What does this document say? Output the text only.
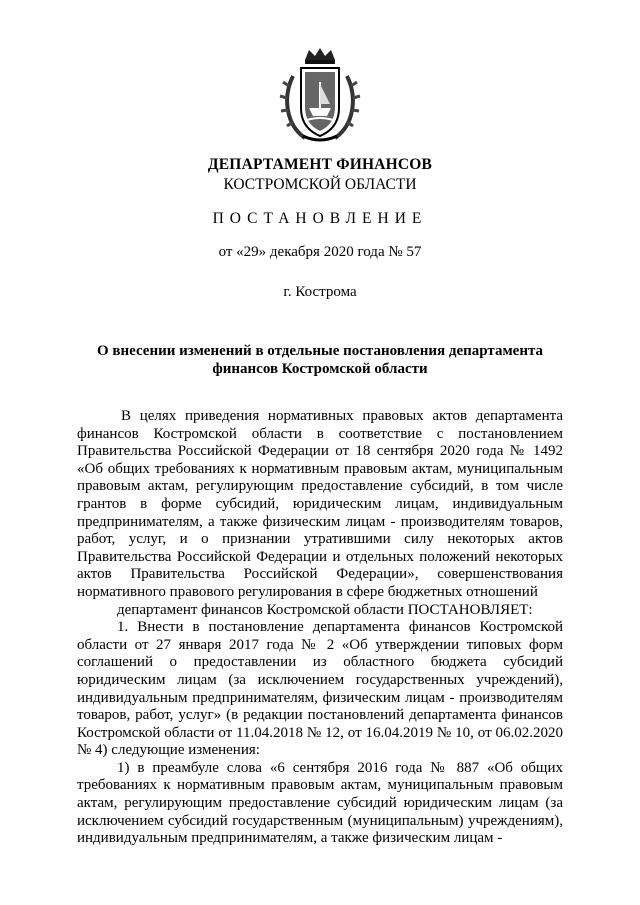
ДЕПАРТАМЕНТ ФИНАНСОВ
КОСТРОМСКОЙ ОБЛАСТИ
ПОСТАНОВЛЕНИЕ
от «29» декабря 2020 года № 57
г. Кострома
О внесении изменений в отдельные постановления департамента
финансов Костромской области

В целях приведения нормативных правовых актов департамента финансов Костромской области в соответствие с постановлением Правительства Российской Федерации от 18 сентября 2020 года № 1492 «Об общих требованиях к нормативным правовым актам, муниципальным правовым актам, регулирующим предоставление субсидий, в том числе грантов в форме субсидий, юридическим лицам, индивидуальным предпринимателям, а также физическим лицам - производителям товаров, работ, услуг, и о признании утратившими силу некоторых актов Правительства Российской Федерации и отдельных положений некоторых актов Правительства Российской Федерации», совершенствования нормативного правового регулирования в сфере бюджетных отношений

департамент финансов Костромской области ПОСТАНОВЛЯЕТ:

1. Внести в постановление департамента финансов Костромской области от 27 января 2017 года № 2 «Об утверждении типовых форм соглашений о предоставлении из областного бюджета субсидий юридическим лицам (за исключением государственных учреждений), индивидуальным предпринимателям, физическим лицам - производителям товаров, работ, услуг» (в редакции постановлений департамента финансов Костромской области от 11.04.2018 № 12, от 16.04.2019 № 10, от 06.02.2020 № 4) следующие изменения:

1) в преамбуле слова «6 сентября 2016 года № 887 «Об общих требованиях к нормативным правовым актам, муниципальным правовым актам, регулирующим предоставление субсидий юридическим лицам (за исключением субсидий государственным (муниципальным) учреждениям), индивидуальным предпринимателям, а также физическим лицам -
